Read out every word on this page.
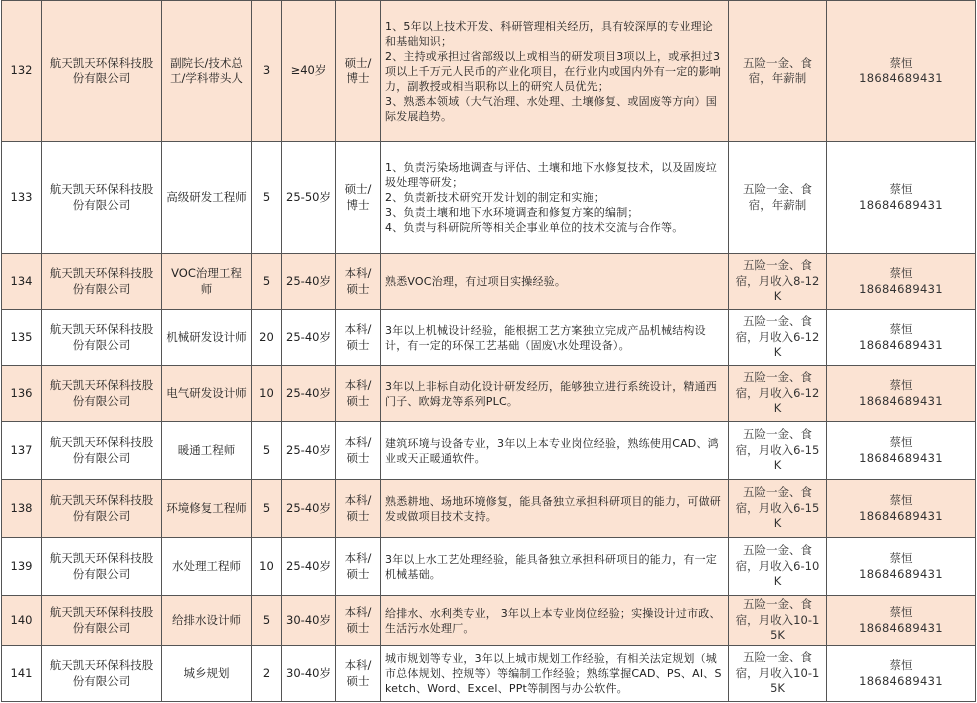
132	航天凯天环保科技股份有限公司	副院长/技术总工/学科带头人	3	≥40岁	硕士/博士	1、5年以上技术开发、科研管理相关经历，具有较深厚的专业理论和基础知识；
2、主持或承担过省部级以上或相当的研发项目3项以上，或承担过3项以上千万元人民币的产业化项目，在行业内或国内外有一定的影响力，副教授或相当职称以上的研究人员优先；
3、熟悉本领域（大气治理、水处理、土壤修复、或固废等方向）国际发展趋势。	五险一金、食宿，年薪制	蔡恒
18684689431

133	航天凯天环保科技股份有限公司	高级研发工程师	5	25-50岁	硕士/博士	1、负责污染场地调查与评估、土壤和地下水修复技术，以及固废垃圾处理等研发；
2、负责新技术研究开发计划的制定和实施；
3、负责土壤和地下水环境调查和修复方案的编制；
4、负责与科研院所等相关企事业单位的技术交流与合作等。	五险一金、食宿，年薪制	蔡恒
18684689431

134	航天凯天环保科技股份有限公司	VOC治理工程师	5	25-40岁	本科/硕士	熟悉VOC治理，有过项目实操经验。	五险一金、食宿，月收入8-12K	蔡恒
18684689431

135	航天凯天环保科技股份有限公司	机械研发设计师	20	25-40岁	本科/硕士	3年以上机械设计经验，能根据工艺方案独立完成产品机械结构设计，有一定的环保工艺基础（固废\水处理设备）。	五险一金、食宿，月收入6-12K	蔡恒
18684689431

136	航天凯天环保科技股份有限公司	电气研发设计师	10	25-40岁	本科/硕士	3年以上非标自动化设计研发经历，能够独立进行系统设计，精通西门子、欧姆龙等系列PLC。	五险一金、食宿，月收入6-12K	蔡恒
18684689431

137	航天凯天环保科技股份有限公司	暖通工程师	5	25-40岁	本科/硕士	建筑环境与设备专业，3年以上本专业岗位经验，熟练使用CAD、鸿业或天正暖通软件。	五险一金、食宿，月收入6-15K	蔡恒
18684689431

138	航天凯天环保科技股份有限公司	环境修复工程师	5	25-40岁	本科/硕士	熟悉耕地、场地环境修复，能具备独立承担科研项目的能力，可做研发或做项目技术支持。	五险一金、食宿，月收入6-15K	蔡恒
18684689431

139	航天凯天环保科技股份有限公司	水处理工程师	10	25-40岁	本科/硕士	3年以上水工艺处理经验，能具备独立承担科研项目的能力，有一定机械基础。	五险一金、食宿，月收入6-10K	蔡恒
18684689431

140	航天凯天环保科技股份有限公司	给排水设计师	5	30-40岁	本科/硕士	给排水、水利类专业， 3年以上本专业岗位经验；实操设计过市政、生活污水处理厂。	五险一金、食宿，月收入10-15K	蔡恒
18684689431

141	航天凯天环保科技股份有限公司	城乡规划	2	30-40岁	本科/硕士	城市规划等专业，3年以上城市规划工作经验，有相关法定规划（城市总体规划、控规等）等编制工作经验；熟练掌握CAD、PS、AI、Sketch、Word、Excel、PPt等制图与办公软件。	五险一金、食宿，月收入10-15K	蔡恒
18684689431
